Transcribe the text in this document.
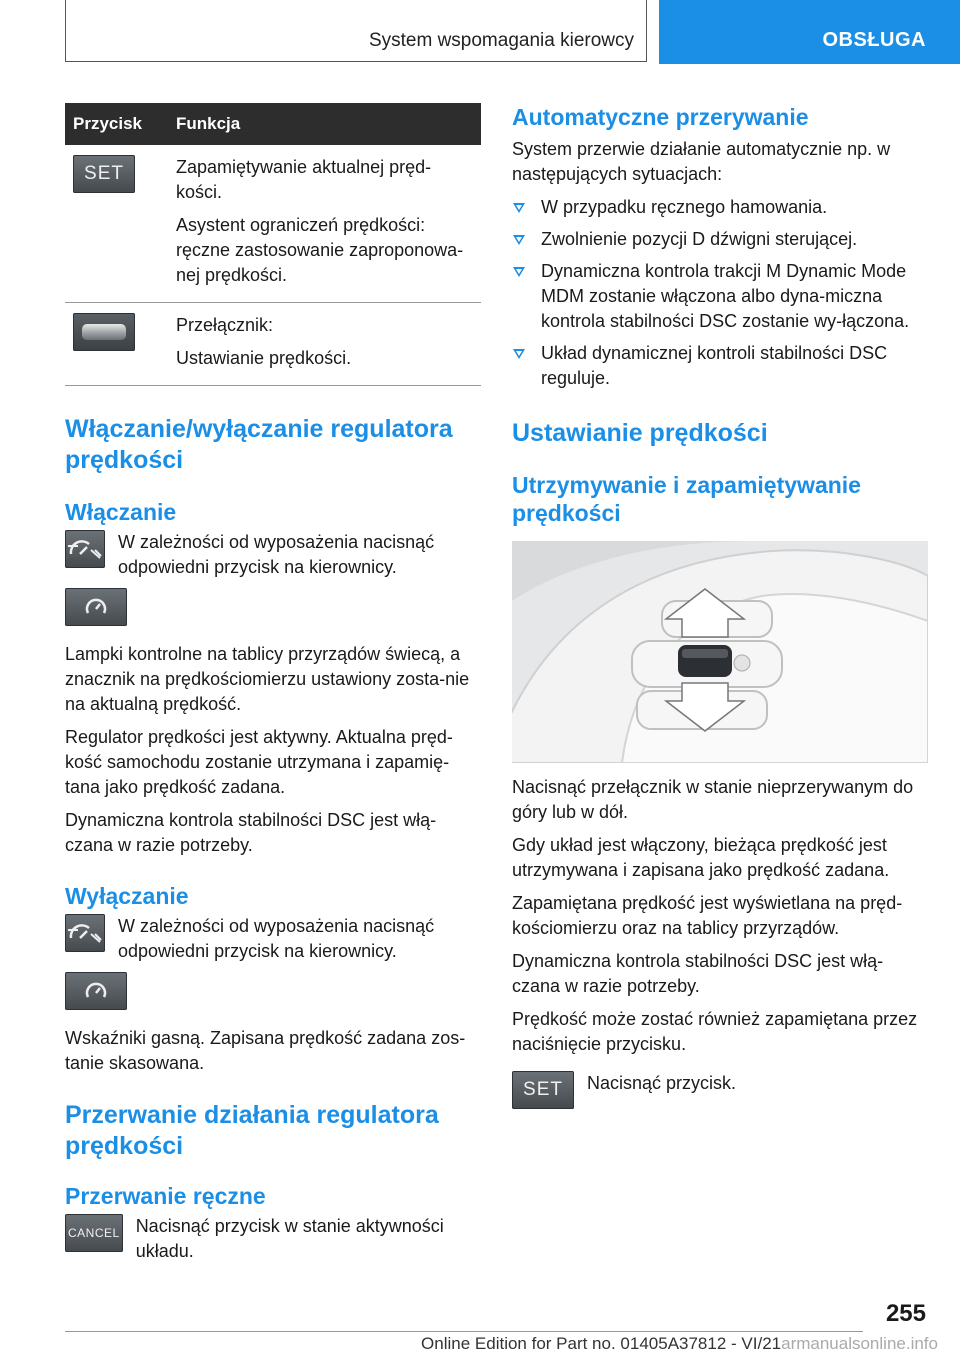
System wspomagania kierowcy	OBSŁUGA
Przycisk	Funkcja

SET	Zapamiętywanie aktualnej pręd-kości.

Asystent ograniczeń prędkości: ręczne zastosowanie zaproponowa-nej prędkości.

	Przełącznik:

Ustawianie prędkości.

Włączanie/wyłączanie regulatora prędkości
Włączanie
W zależności od wyposażenia nacisnąć odpowiedni przycisk na kierownicy.

Lampki kontrolne na tablicy przyrządów świecą, a znacznik na prędkościomierzu ustawiony zosta-nie na aktualną prędkość.

Regulator prędkości jest aktywny. Aktualna pręd-kość samochodu zostanie utrzymana i zapamię-tana jako prędkość zadana.

Dynamiczna kontrola stabilności DSC jest włą-czana w razie potrzeby.

Wyłączanie
W zależności od wyposażenia nacisnąć odpowiedni przycisk na kierownicy.

Wskaźniki gasną. Zapisana prędkość zadana zos-tanie skasowana.

Przerwanie działania regulatora prędkości
Przerwanie ręczne
CANCEL Nacisnąć przycisk w stanie aktywności układu.
Automatyczne przerywanie

System przerwie działanie automatycznie np. w następujących sytuacjach:

W przypadku ręcznego hamowania.
Zwolnienie pozycji D dźwigni sterującej.
Dynamiczna kontrola trakcji M Dynamic Mode MDM zostanie włączona albo dyna-miczna kontrola stabilności DSC zostanie wy-łączona.
Układ dynamicznej kontroli stabilności DSC reguluje.
Ustawianie prędkości
Utrzymywanie i zapamiętywanie prędkości

Nacisnąć przełącznik w stanie nieprzerywanym do góry lub w dół.

Gdy układ jest włączony, bieżąca prędkość jest utrzymywana i zapisana jako prędkość zadana.

Zapamiętana prędkość jest wyświetlana na pręd-kościomierzu oraz na tablicy przyrządów.

Dynamiczna kontrola stabilności DSC jest włą-czana w razie potrzeby.

Prędkość może zostać również zapamiętana przez naciśnięcie przycisku.

SET	Nacisnąć przycisk.
255
Online Edition for Part no. 01405A37812 - VI/21armanualsonline.info
